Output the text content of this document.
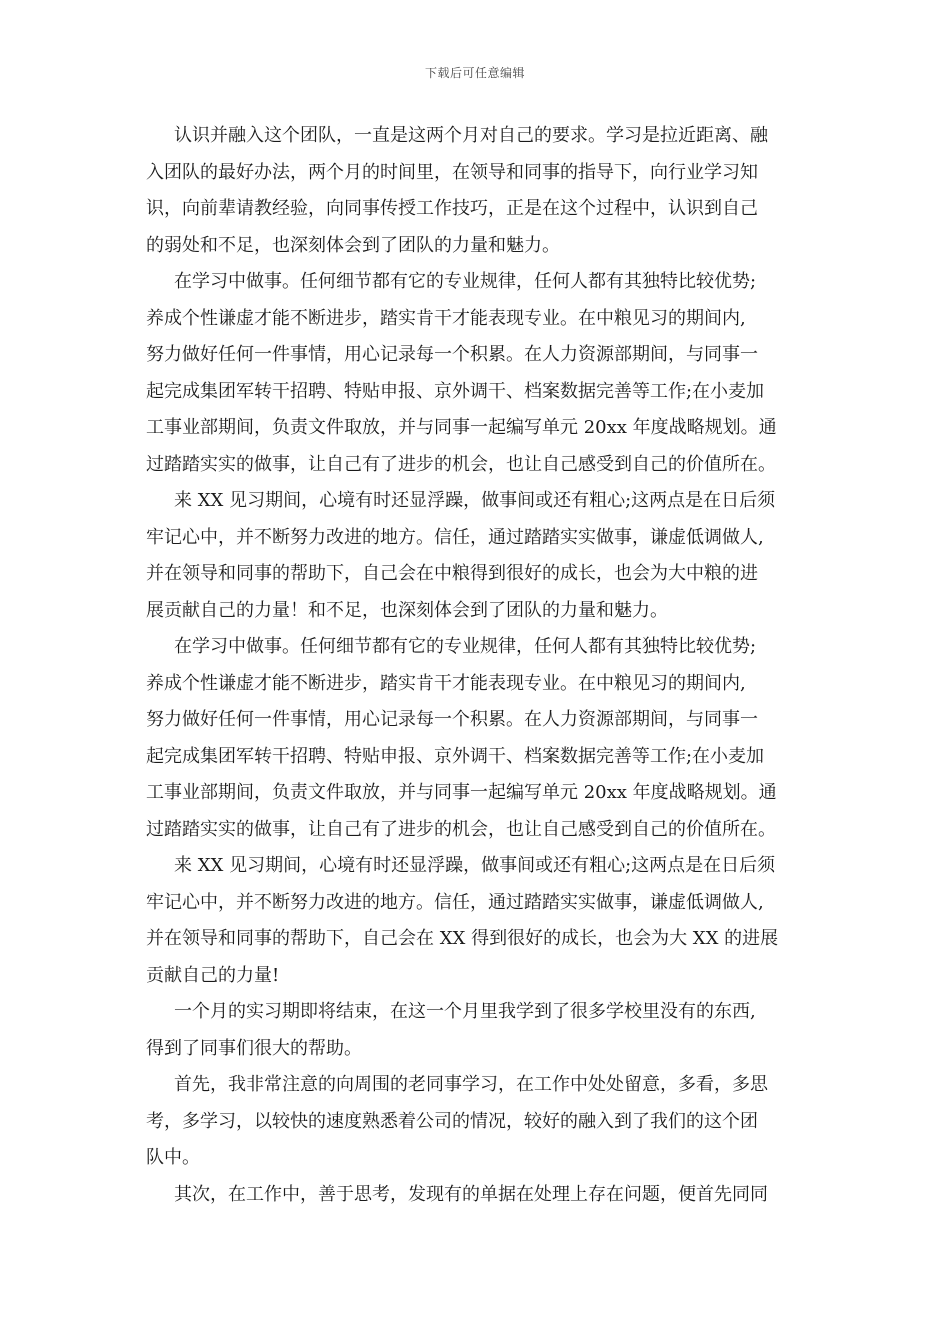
下载后可任意编辑
认识并融入这个团队，一直是这两个月对自己的要求。学习是拉近距离、融
入团队的最好办法，两个月的时间里，在领导和同事的指导下，向行业学习知
识，向前辈请教经验，向同事传授工作技巧，正是在这个过程中，认识到自己
的弱处和不足，也深刻体会到了团队的力量和魅力。
在学习中做事。任何细节都有它的专业规律，任何人都有其独特比较优势;
养成个性谦虚才能不断进步，踏实肯干才能表现专业。在中粮见习的期间内,
努力做好任何一件事情，用心记录每一个积累。在人力资源部期间，与同事一
起完成集团军转干招聘、特贴申报、京外调干、档案数据完善等工作;在小麦加
工事业部期间，负责文件取放，并与同事一起编写单元 20xx 年度战略规划。通
过踏踏实实的做事，让自己有了进步的机会，也让自己感受到自己的价值所在。
来 XX 见习期间，心境有时还显浮躁，做事间或还有粗心;这两点是在日后须
牢记心中，并不断努力改进的地方。信任，通过踏踏实实做事，谦虚低调做人,
并在领导和同事的帮助下，自己会在中粮得到很好的成长，也会为大中粮的进
展贡献自己的力量！和不足，也深刻体会到了团队的力量和魅力。
在学习中做事。任何细节都有它的专业规律，任何人都有其独特比较优势;
养成个性谦虚才能不断进步，踏实肯干才能表现专业。在中粮见习的期间内,
努力做好任何一件事情，用心记录每一个积累。在人力资源部期间，与同事一
起完成集团军转干招聘、特贴申报、京外调干、档案数据完善等工作;在小麦加
工事业部期间，负责文件取放，并与同事一起编写单元 20xx 年度战略规划。通
过踏踏实实的做事，让自己有了进步的机会，也让自己感受到自己的价值所在。
来 XX 见习期间，心境有时还显浮躁，做事间或还有粗心;这两点是在日后须
牢记心中，并不断努力改进的地方。信任，通过踏踏实实做事，谦虚低调做人,
并在领导和同事的帮助下，自己会在 XX 得到很好的成长，也会为大 XX 的进展
贡献自己的力量!
一个月的实习期即将结束，在这一个月里我学到了很多学校里没有的东西,
得到了同事们很大的帮助。
首先，我非常注意的向周围的老同事学习，在工作中处处留意，多看，多思
考，多学习，以较快的速度熟悉着公司的情况，较好的融入到了我们的这个团
队中。
其次，在工作中，善于思考，发现有的单据在处理上存在问题，便首先同同
